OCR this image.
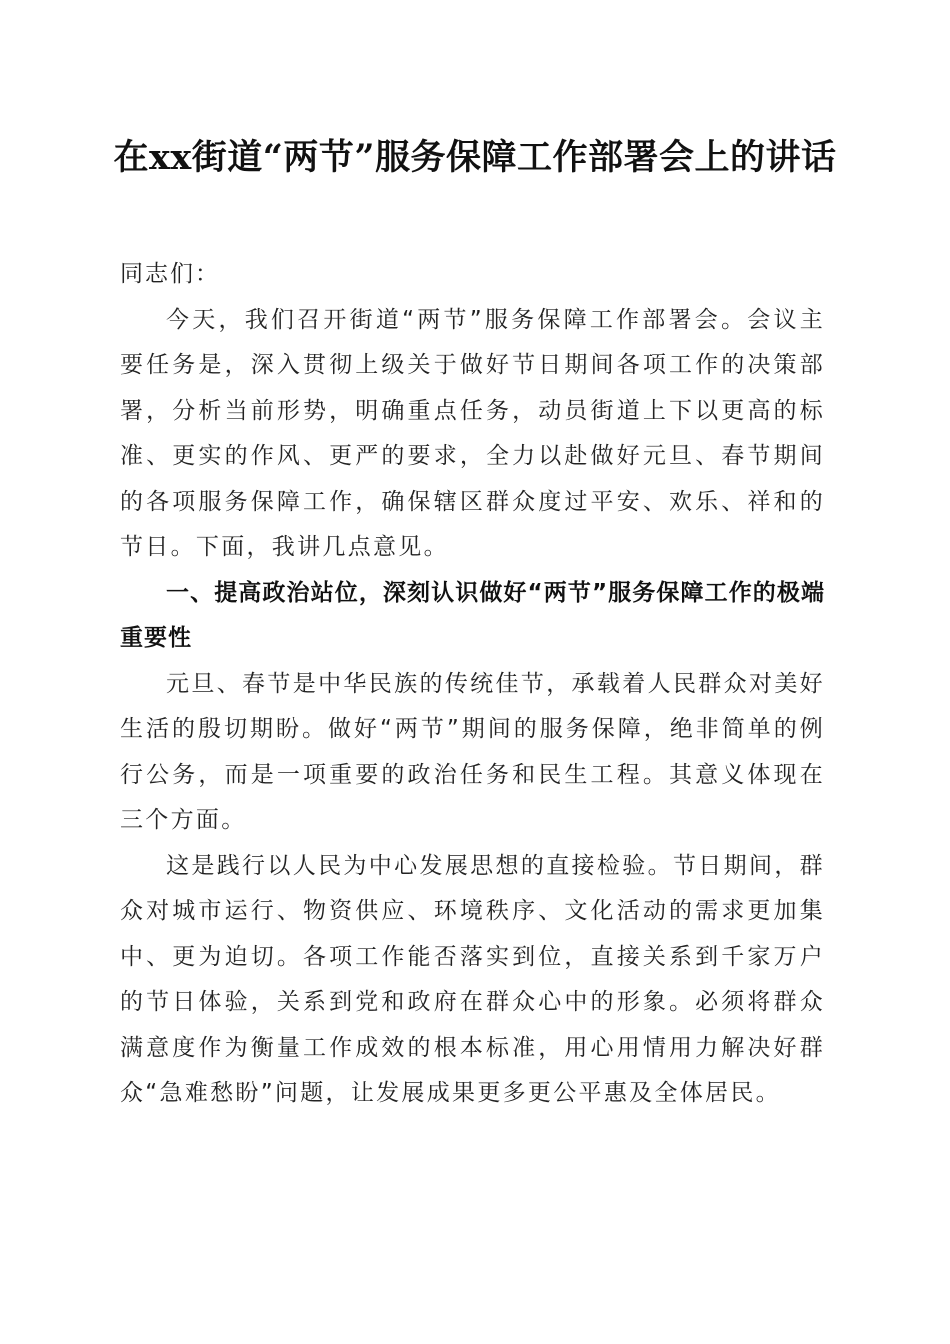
在xx街道“两节”服务保障工作部署会上的讲话

同志们：

今天，我们召开街道“两节”服务保障工作部署会。会议主要任务是，深入贯彻上级关于做好节日期间各项工作的决策部署，分析当前形势，明确重点任务，动员街道上下以更高的标准、更实的作风、更严的要求，全力以赴做好元旦、春节期间的各项服务保障工作，确保辖区群众度过平安、欢乐、祥和的节日。下面，我讲几点意见。

一、提高政治站位，深刻认识做好“两节”服务保障工作的极端重要性

元旦、春节是中华民族的传统佳节，承载着人民群众对美好生活的殷切期盼。做好“两节”期间的服务保障，绝非简单的例行公务，而是一项重要的政治任务和民生工程。其意义体现在三个方面。

这是践行以人民为中心发展思想的直接检验。节日期间，群众对城市运行、物资供应、环境秩序、文化活动的需求更加集中、更为迫切。各项工作能否落实到位，直接关系到千家万户的节日体验，关系到党和政府在群众心中的形象。必须将群众满意度作为衡量工作成效的根本标准，用心用情用力解决好群众“急难愁盼”问题，让发展成果更多更公平惠及全体居民。
